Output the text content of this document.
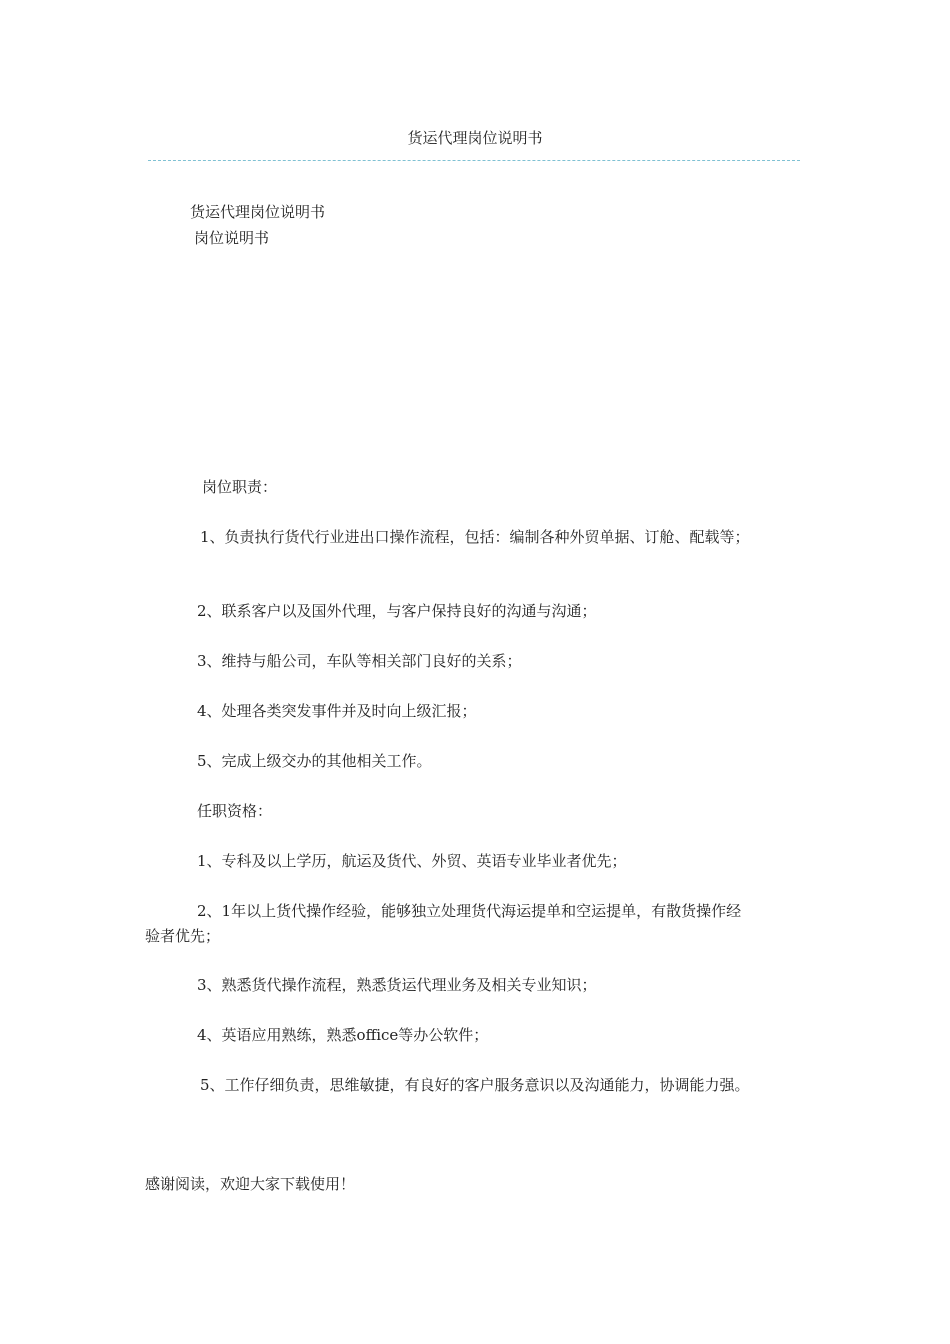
货运代理岗位说明书
货运代理岗位说明书
岗位说明书
岗位职责：
1、负责执行货代行业进出口操作流程，包括：编制各种外贸单据、订舱、配载等；
2、联系客户以及国外代理，与客户保持良好的沟通与沟通；
3、维持与船公司，车队等相关部门良好的关系；
4、处理各类突发事件并及时向上级汇报；
5、完成上级交办的其他相关工作。
任职资格：
1、专科及以上学历，航运及货代、外贸、英语专业毕业者优先；
2、1年以上货代操作经验，能够独立处理货代海运提单和空运提单，有散货操作经
验者优先；
3、熟悉货代操作流程，熟悉货运代理业务及相关专业知识；
4、英语应用熟练，熟悉office等办公软件；
5、工作仔细负责，思维敏捷，有良好的客户服务意识以及沟通能力，协调能力强。
感谢阅读，欢迎大家下载使用！
